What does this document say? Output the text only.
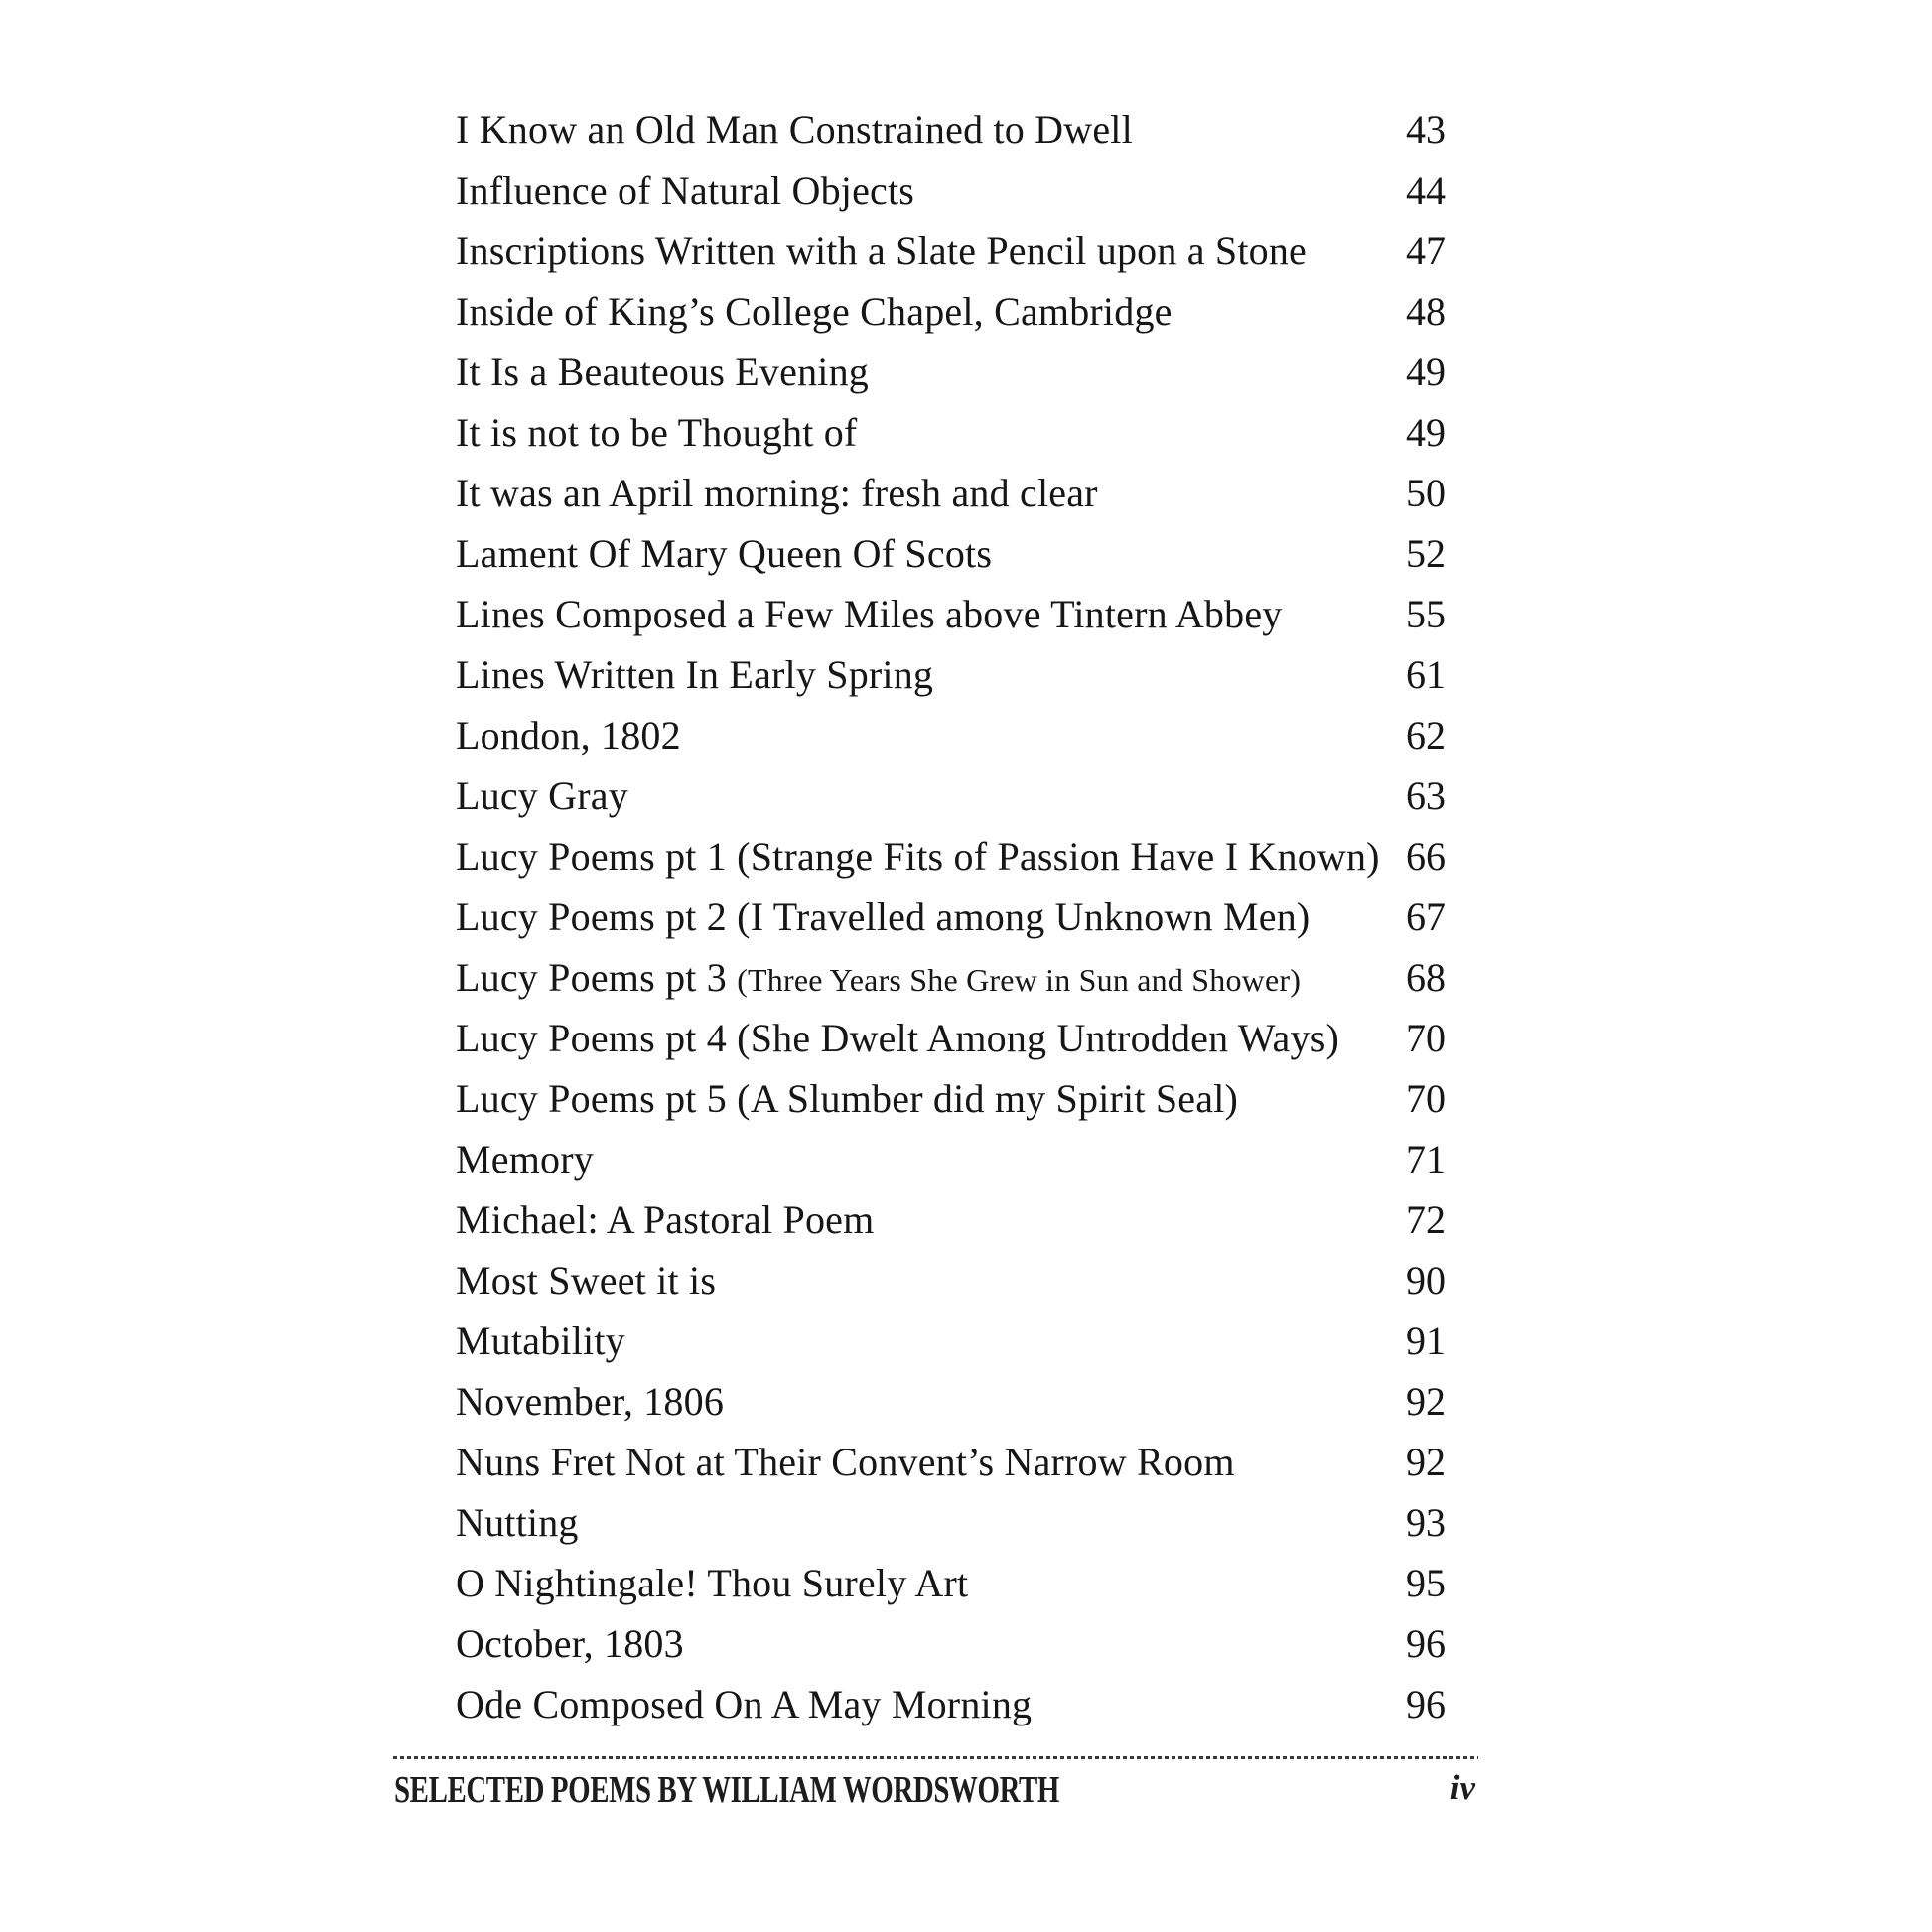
I Know an Old Man Constrained to Dwell	43
Influence of Natural Objects	44
Inscriptions Written with a Slate Pencil upon a Stone	47
Inside of King’s College Chapel, Cambridge	48
It Is a Beauteous Evening	49
It is not to be Thought of	49
It was an April morning: fresh and clear	50
Lament Of Mary Queen Of Scots	52
Lines Composed a Few Miles above Tintern Abbey	55
Lines Written In Early Spring	61
London, 1802	62
Lucy Gray	63
Lucy Poems pt 1 (Strange Fits of Passion Have I Known) 66
Lucy Poems pt 2 (I Travelled among Unknown Men)	67
Lucy Poems pt 3 (Three Years She Grew in Sun and Shower)	68
Lucy Poems pt 4 (She Dwelt Among Untrodden Ways)	70
Lucy Poems pt 5 (A Slumber did my Spirit Seal)	70
Memory	71
Michael: A Pastoral Poem	72
Most Sweet it is	90
Mutability	91
November, 1806	92
Nuns Fret Not at Their Convent’s Narrow Room	92
Nutting	93
O Nightingale! Thou Surely Art	95
October, 1803	96
Ode Composed On A May Morning	96
SELECTED POEMS BY WILLIAM WORDSWORTH	iv
